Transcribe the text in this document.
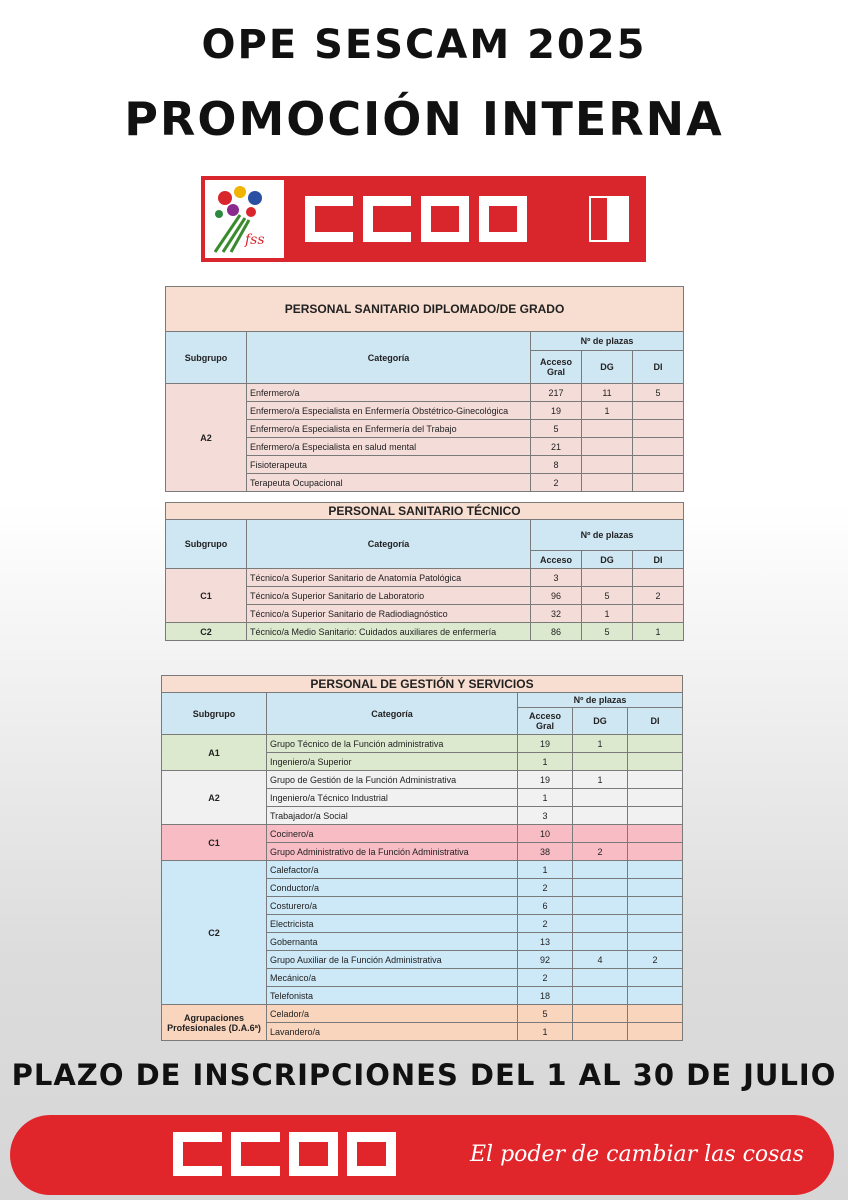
OPE SESCAM 2025
PROMOCIÓN INTERNA
fss
PERSONAL SANITARIO DIPLOMADO/DE GRADO				
Subgrupo	Categoría	Nº de plazas		
		Acceso Gral	DG	DI
A2	Enfermero/a	217	11	5
	Enfermero/a Especialista en Enfermería Obstétrico-Ginecológica	19	1	
	Enfermero/a Especialista en Enfermería del Trabajo	5		
	Enfermero/a Especialista en salud mental	21		
	Fisioterapeuta	8		
	Terapeuta Ocupacional	2		
PERSONAL SANITARIO TÉCNICO				
Subgrupo	Categoría	Nº de plazas		
		Acceso	DG	DI
C1	Técnico/a Superior Sanitario de Anatomía Patológica	3		
	Técnico/a Superior Sanitario de Laboratorio	96	5	2
	Técnico/a Superior Sanitario de Radiodiagnóstico	32	1	
C2	Técnico/a Medio Sanitario: Cuidados auxiliares de enfermería	86	5	1
PERSONAL DE GESTIÓN Y SERVICIOS				
Subgrupo	Categoría	Nº de plazas		
		Acceso Gral	DG	DI
A1	Grupo Técnico de la Función administrativa	19	1	
	Ingeniero/a Superior	1		
A2	Grupo de Gestión de la Función Administrativa	19	1	
	Ingeniero/a Técnico Industrial	1		
	Trabajador/a Social	3		
C1	Cocinero/a	10		
	Grupo Administrativo de la Función Administrativa	38	2	
C2	Calefactor/a	1		
	Conductor/a	2		
	Costurero/a	6		
	Electricista	2		
	Gobernanta	13		
	Grupo Auxiliar de la Función Administrativa	92	4	2
	Mecánico/a	2		
	Telefonista	18		
Agrupaciones Profesionales (D.A.6ª)	Celador/a	5		
	Lavandero/a	1		
PLAZO DE INSCRIPCIONES DEL 1 AL 30 DE JULIO
El poder de cambiar las cosas
